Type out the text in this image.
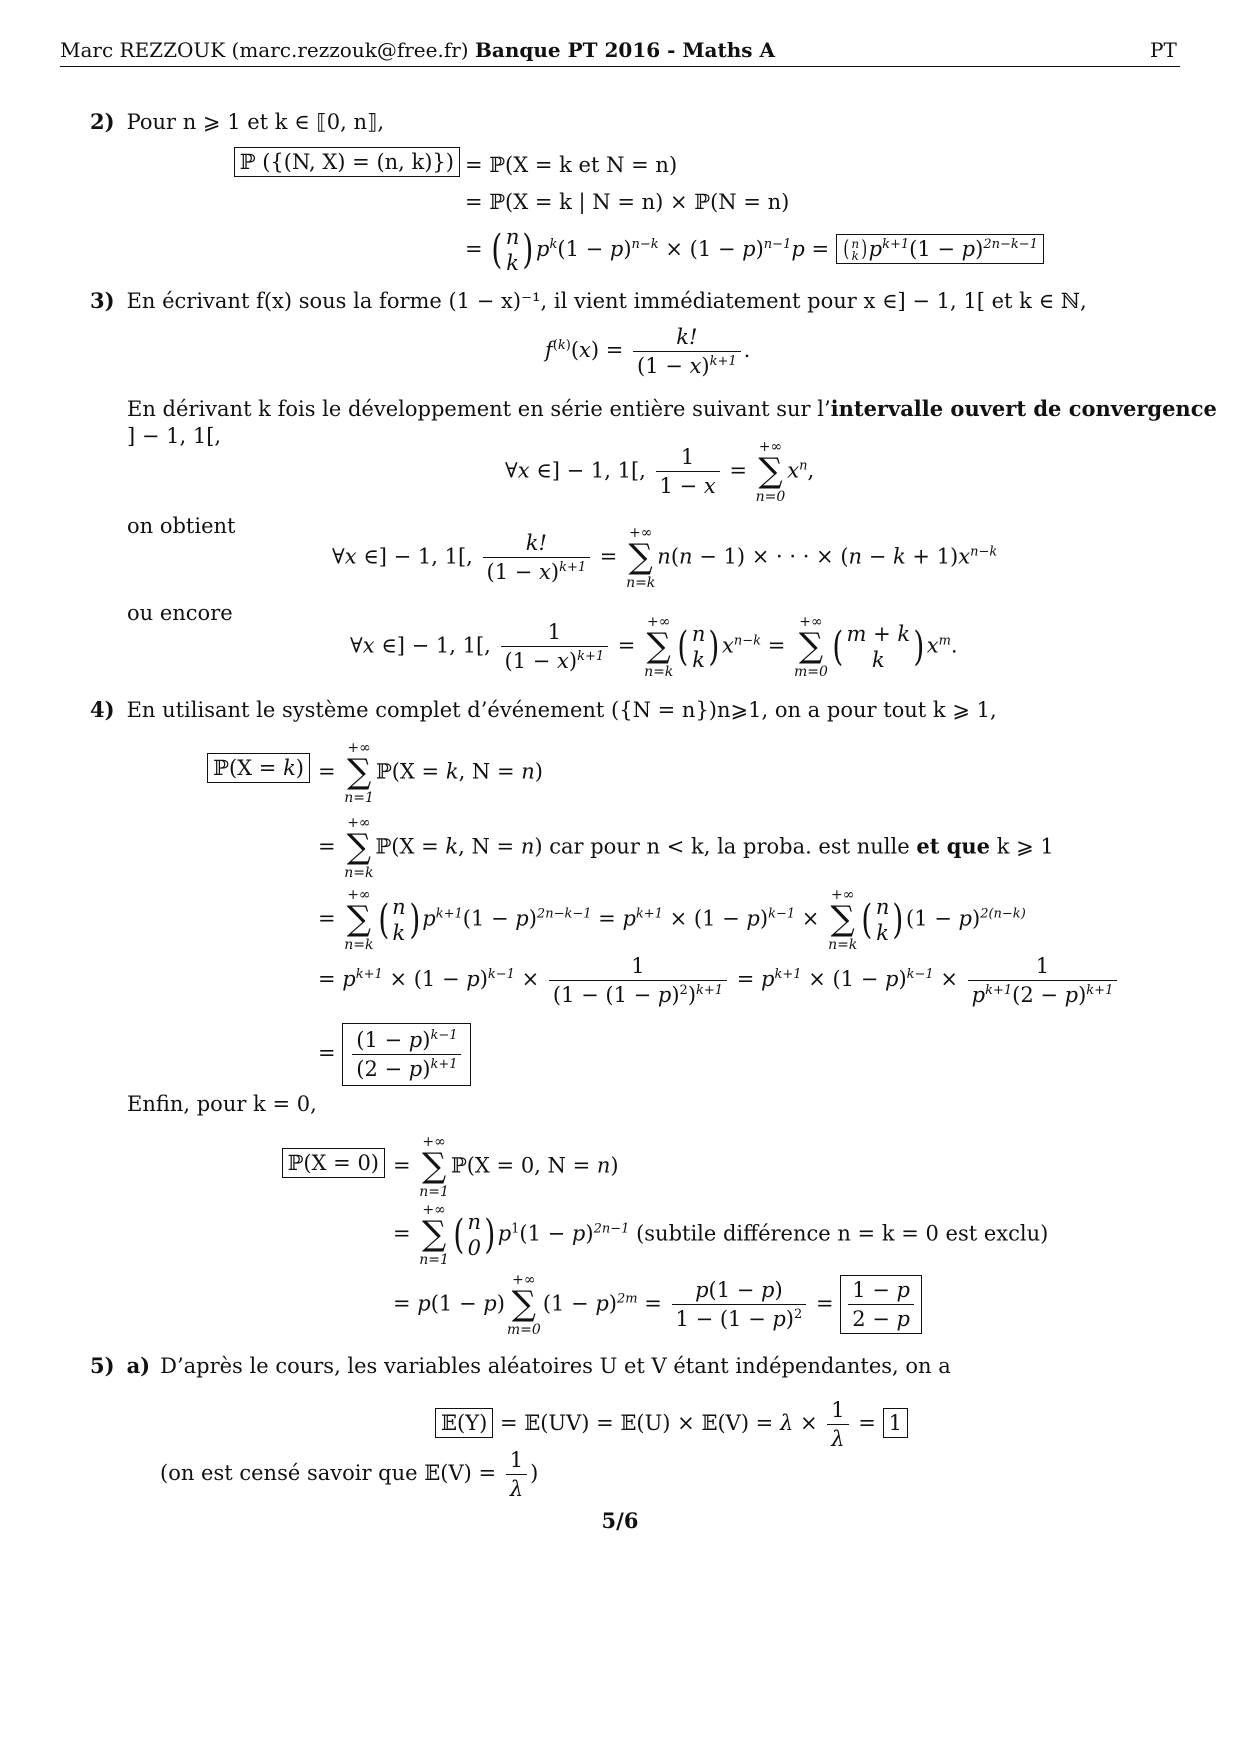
Marc REZZOUK (marc.rezzouk@free.fr) Banque PT 2016 - Maths A	PT
2) Pour n ⩾ 1 et k ∈ ⟦0, n⟧,
ℙ ({(N, X) = (n, k)}) = ℙ(X = k et N = n)
= ℙ(X = k | N = n) × ℙ(N = n)
= ( n
k ) $p^k(1 - p)^{n-k} \times (1 - p)^{n-1}p$ = ( n
k ) $p^{k+1}(1 - p)^{2n-k-1}$
3) En écrivant f(x) sous la forme (1 − x)⁻¹, il vient immédiatement pour x ∈] − 1, 1[ et k ∈ ℕ,
$f^{(k)}(x) = \frac{k!}{(1 - x)^{k+1}}$ .
En dérivant k fois le développement en série entière suivant sur l’intervalle ouvert de convergence
] − 1, 1[,
∀x ∈] − 1, 1[, $\frac{1}{1 - x}$ =
+∞
∑
n=0
$x^n$,
on obtient
∀x ∈] − 1, 1[, $\frac{k!}{(1 - x)^{k+1}}$ =
+∞
∑
n=k
n(n − 1) × · · · × $(n - k + 1)x^{n-k}$
ou encore
∀x ∈] − 1, 1[, $\frac{1}{(1 - x)^{k+1}}$ =
+∞
∑
n=k
( n
k ) $x^{n-k}$ =
+∞
∑
m=0
( m + k
k ) $x^m$.
4) En utilisant le système complet d’événement ({N = n})n⩾1, on a pour tout k ⩾ 1,
ℙ(X = k) =
+∞
∑
n=1
ℙ(X = k, N = n)
=
+∞
∑
n=k
ℙ(X = k, N = n) car pour n < k, la proba. est nulle et que k ⩾ 1
=
+∞
∑
n=k
( n
k ) $p^{k+1}(1 - p)^{2n-k-1} = p^{k+1} \times (1 - p)^{k-1}$ ×
+∞
∑
n=k
( n
k ) $(1 - p)^{2(n-k)}$
= $p^{k+1} \times (1 - p)^{k-1} \times \frac{1}{(1 - (1 - p)^2)^{k+1}} = p^{k+1} \times (1 - p)^{k-1} \times \frac{1}{p^{k+1}(2 - p)^{k+1}}$
= $\frac{(1 - p)^{k-1}}{(2 - p)^{k+1}}$
Enfin, pour k = 0,
ℙ(X = 0) =
+∞
∑
n=1
ℙ(X = 0, N = n)
=
+∞
∑
n=1
( n
0 ) $p^1(1 - p)^{2n-1}$ (subtile différence n = k = 0 est exclu)
= p(1 − p)
+∞
∑
m=0
$(1 - p)^{2m} = \frac{p(1 - p)}{1 - (1 - p)^2} = \frac{1 - p}{2 - p}$
5) a) D’après le cours, les variables aléatoires U et V étant indépendantes, on a
𝔼(Y) = 𝔼(UV) = 𝔼(U) × 𝔼(V) = $\lambda \times \frac{1}{\lambda} = 1$
(on est censé savoir que 𝔼(V) = $\frac{1}{\lambda}$ )
5/6
